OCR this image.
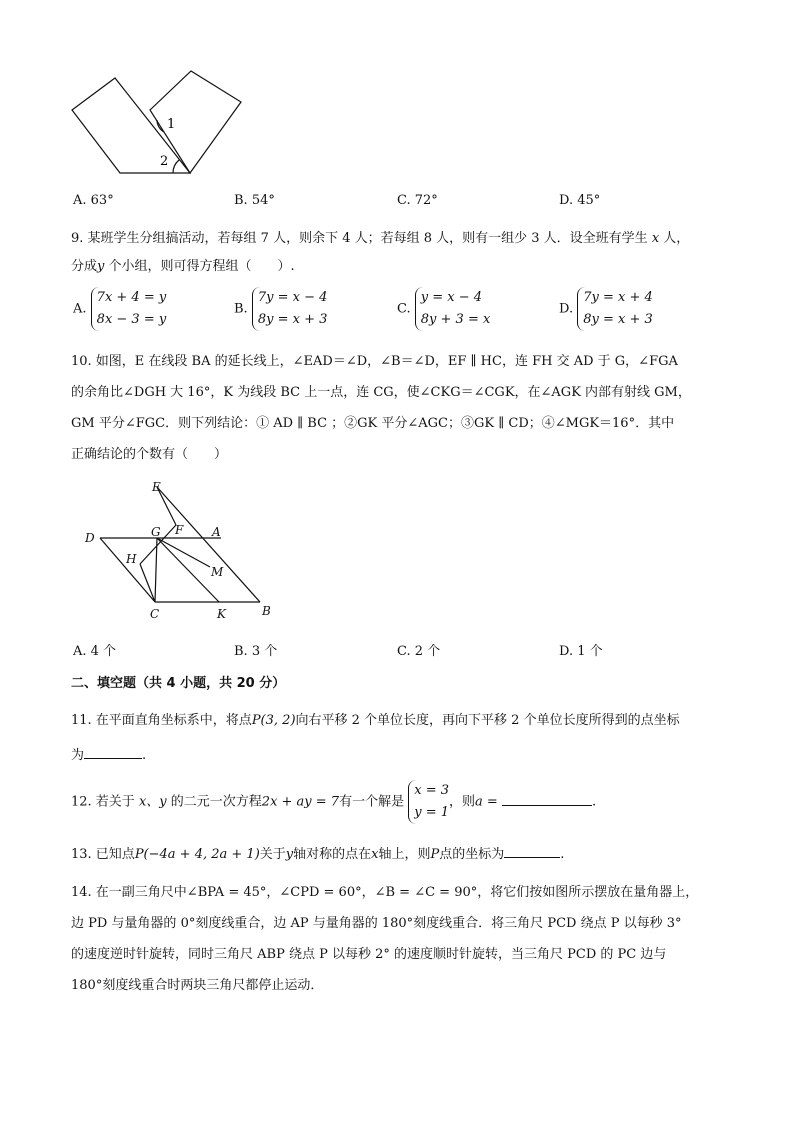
1
2
A. 63°	B. 54°	C. 72°	D. 45°
9. 某班学生分组搞活动，若每组 7 人，则余下 4 人；若每组 8 人，则有一组少 3 人．设全班有学生 x 人，
分成y 个小组，则可得方程组（　　）.
A. 7x + 4 = y
8x − 3 = y
B. 7y = x − 4
8y = x + 3
C. y = x − 4
8y + 3 = x
D. 7y = x + 4
8y = x + 3
10. 如图，E 在线段 BA 的延长线上，∠EAD＝∠D，∠B＝∠D，EF ∥ HC，连 FH 交 AD 于 G，∠FGA
的余角比∠DGH 大 16°，K 为线段 BC 上一点，连 CG，使∠CKG＝∠CGK，在∠AGK 内部有射线 GM，
GM 平分∠FGC．则下列结论：① AD ∥ BC ；②GK 平分∠AGC；③GK ∥ CD；④∠MGK＝16°．其中
正确结论的个数有（　　）
E
F
G	A
D
H
M
C	K	B
A. 4 个	B. 3 个	C. 2 个	D. 1 个
二、填空题（共 4 小题，共 20 分）
11. 在平面直角坐标系中，将点P(3, 2)向右平移 2 个单位长度，再向下平移 2 个单位长度所得到的点坐标
为	.
12. 若关于 x、y 的二元一次方程2x + ay = 7有一个解是 x = 3
y = 1，则a =	.
13. 已知点P(−4a + 4, 2a + 1)关于y轴对称的点在x轴上，则P点的坐标为	.
14. 在一副三角尺中∠BPA = 45°，∠CPD = 60°，∠B = ∠C = 90°，将它们按如图所示摆放在量角器上，
边 PD 与量角器的 0°刻度线重合，边 AP 与量角器的 180°刻度线重合．将三角尺 PCD 绕点 P 以每秒 3°
的速度逆时针旋转，同时三角尺 ABP 绕点 P 以每秒 2° 的速度顺时针旋转，当三角尺 PCD 的 PC 边与
180°刻度线重合时两块三角尺都停止运动．
